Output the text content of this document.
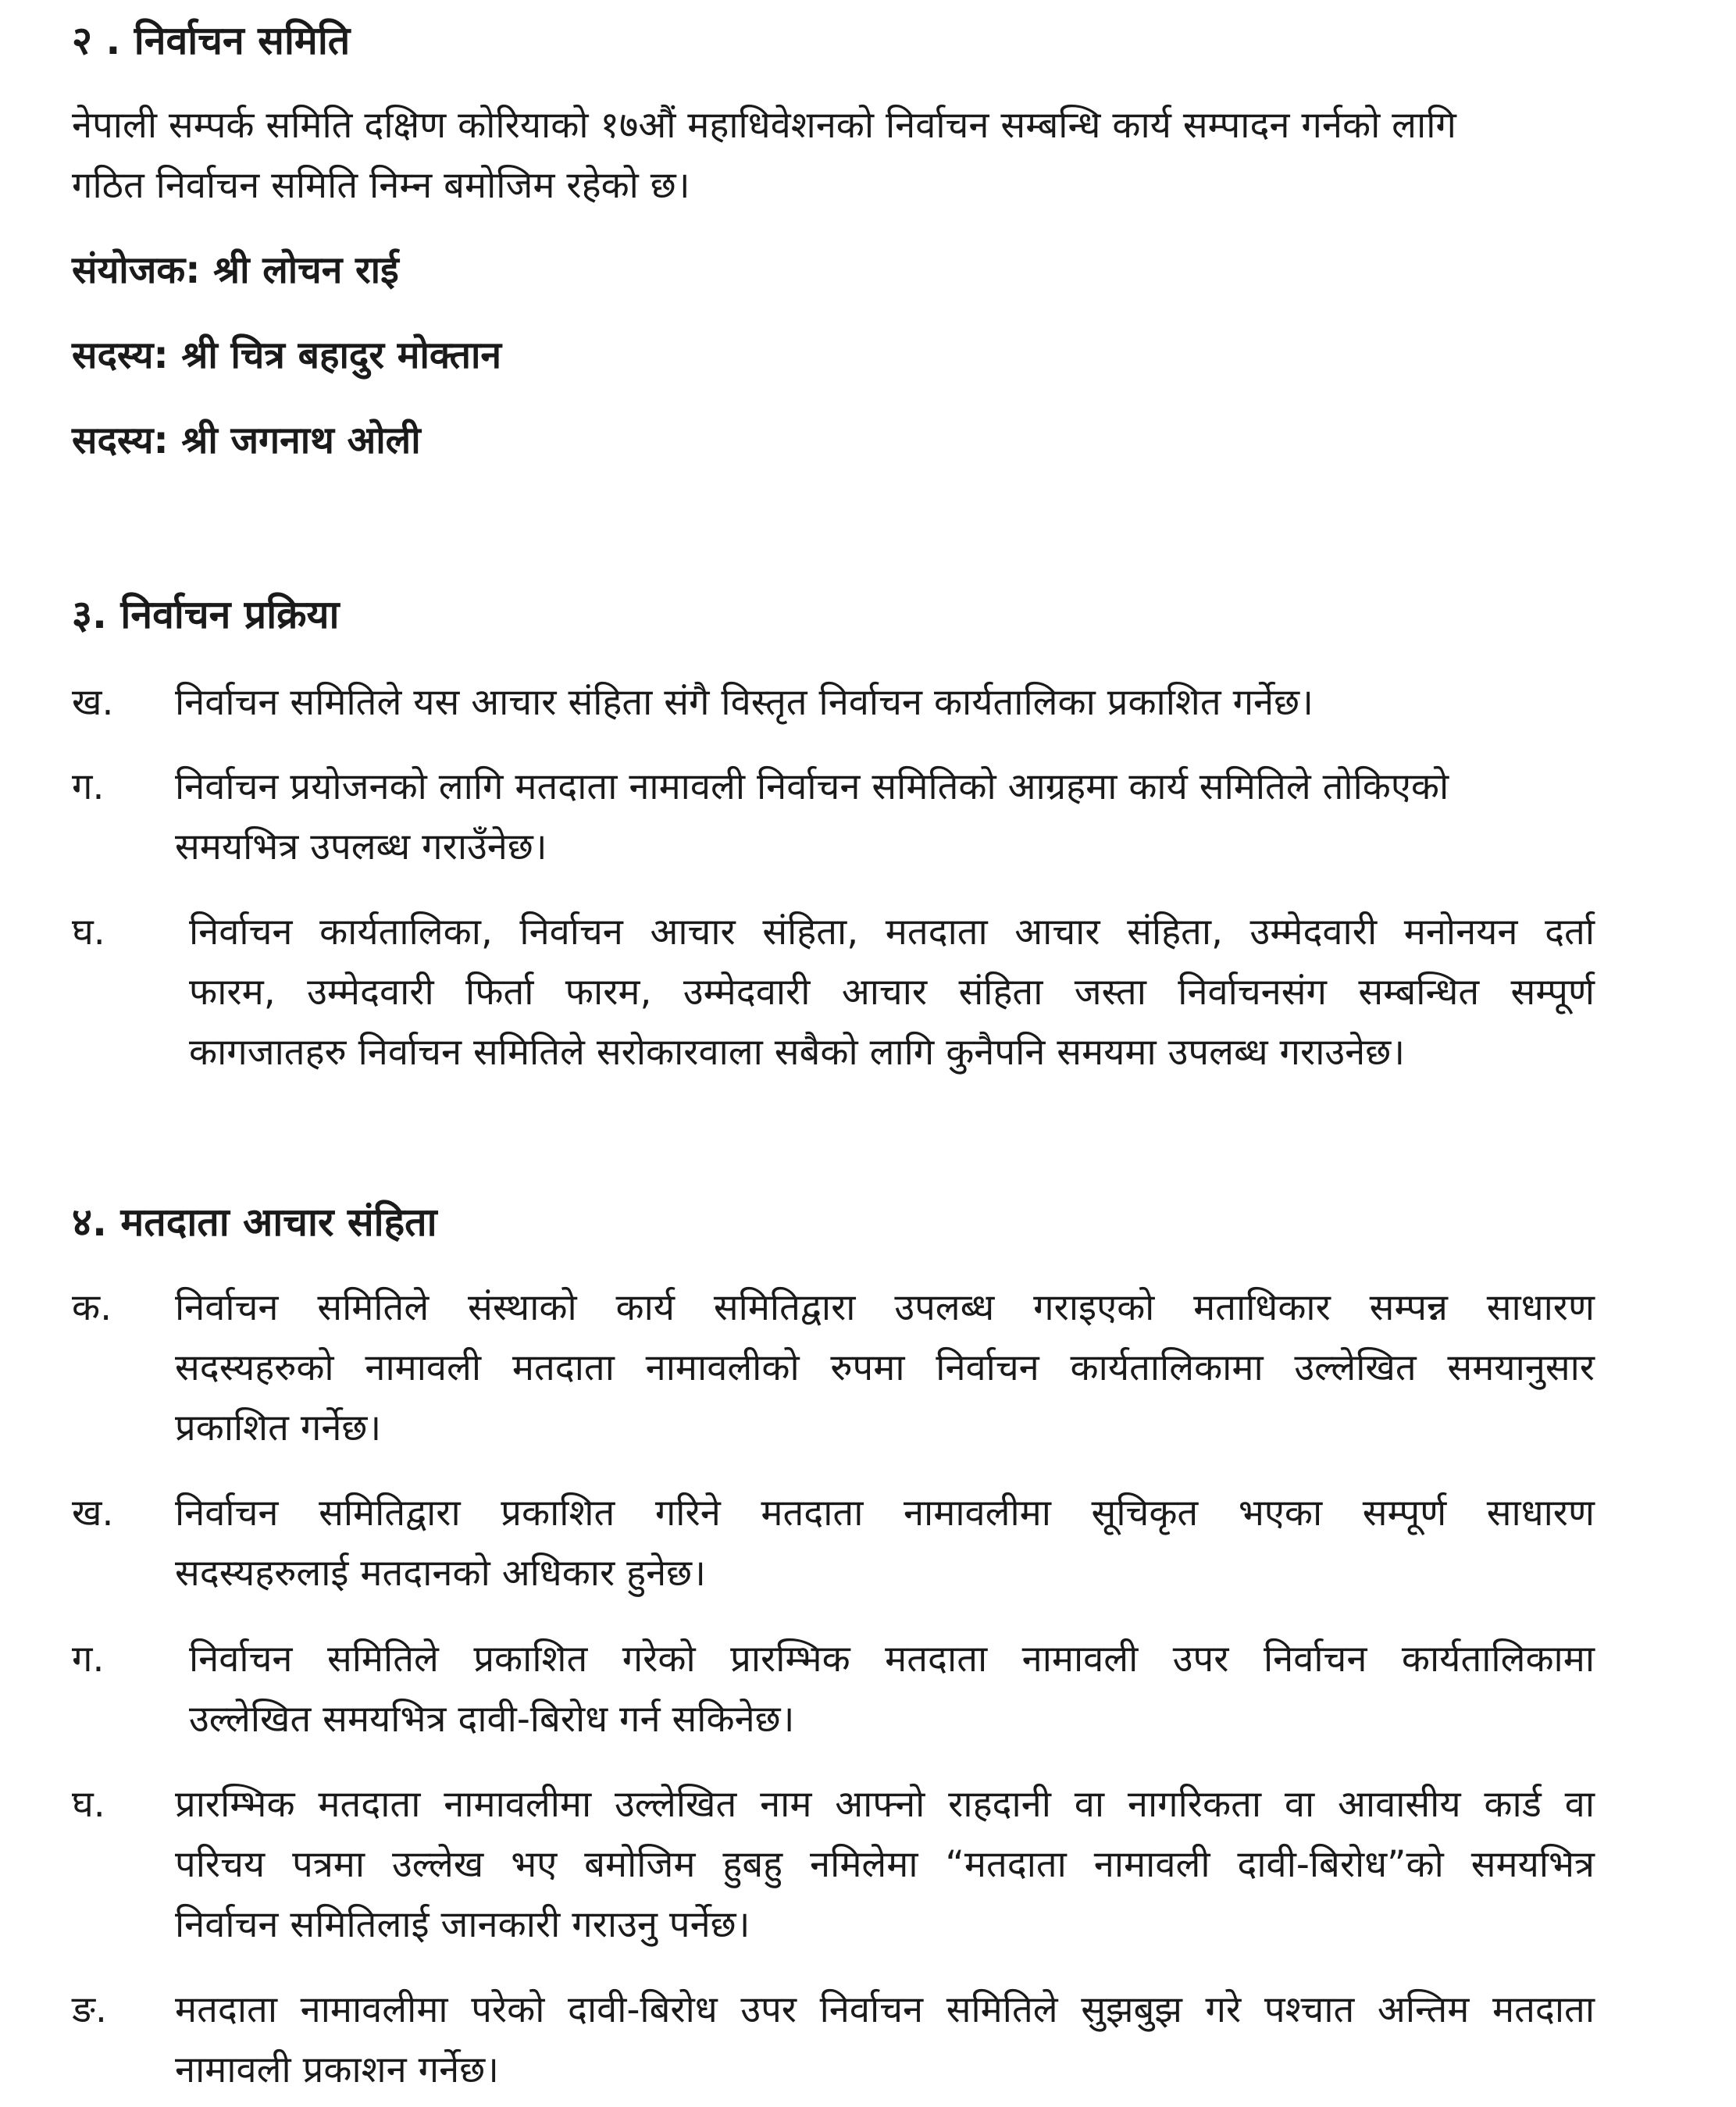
२ . निर्वाचन समिति
नेपाली सम्पर्क समिति दक्षिण कोरियाको १७औं महाधिवेशनको निर्वाचन सम्बन्धि कार्य सम्पादन गर्नको लागि
गठित निर्वाचन समिति निम्न बमोजिम रहेको छ।
संयोजक: श्री लोचन राई
सदस्य: श्री चित्र बहादुर मोक्तान
सदस्य: श्री जगनाथ ओली
३. निर्वाचन प्रक्रिया
ख. निर्वाचन समितिले यस आचार संहिता संगै विस्तृत निर्वाचन कार्यतालिका प्रकाशित गर्नेछ।
ग. निर्वाचन प्रयोजनको लागि मतदाता नामावली निर्वाचन समितिको आग्रहमा कार्य समितिले तोकिएको
समयभित्र उपलब्ध गराउँनेछ।
घ. निर्वाचन कार्यतालिका, निर्वाचन आचार संहिता, मतदाता आचार संहिता, उम्मेदवारी मनोनयन दर्ता
फारम, उम्मेदवारी फिर्ता फारम, उम्मेदवारी आचार संहिता जस्ता निर्वाचनसंग सम्बन्धित सम्पूर्ण
कागजातहरु निर्वाचन समितिले सरोकारवाला सबैको लागि कुनैपनि समयमा उपलब्ध गराउनेछ।
४. मतदाता आचार संहिता
क. निर्वाचन समितिले संस्थाको कार्य समितिद्वारा उपलब्ध गराइएको मताधिकार सम्पन्न साधारण
सदस्यहरुको नामावली मतदाता नामावलीको रुपमा निर्वाचन कार्यतालिकामा उल्लेखित समयानुसार
प्रकाशित गर्नेछ।
ख. निर्वाचन समितिद्वारा प्रकाशित गरिने मतदाता नामावलीमा सूचिकृत भएका सम्पूर्ण साधारण
सदस्यहरुलाई मतदानको अधिकार हुनेछ।
ग. निर्वाचन समितिले प्रकाशित गरेको प्रारम्भिक मतदाता नामावली उपर निर्वाचन कार्यतालिकामा
उल्लेखित समयभित्र दावी-बिरोध गर्न सकिनेछ।
घ. प्रारम्भिक मतदाता नामावलीमा उल्लेखित नाम आफ्नो राहदानी वा नागरिकता वा आवासीय कार्ड वा
परिचय पत्रमा उल्लेख भए बमोजिम हुबहु नमिलेमा “मतदाता नामावली दावी-बिरोध”को समयभित्र
निर्वाचन समितिलाई जानकारी गराउनु पर्नेछ।
ङ. मतदाता नामावलीमा परेको दावी-बिरोध उपर निर्वाचन समितिले सुझबुझ गरे पश्चात अन्तिम मतदाता
नामावली प्रकाशन गर्नेछ।
